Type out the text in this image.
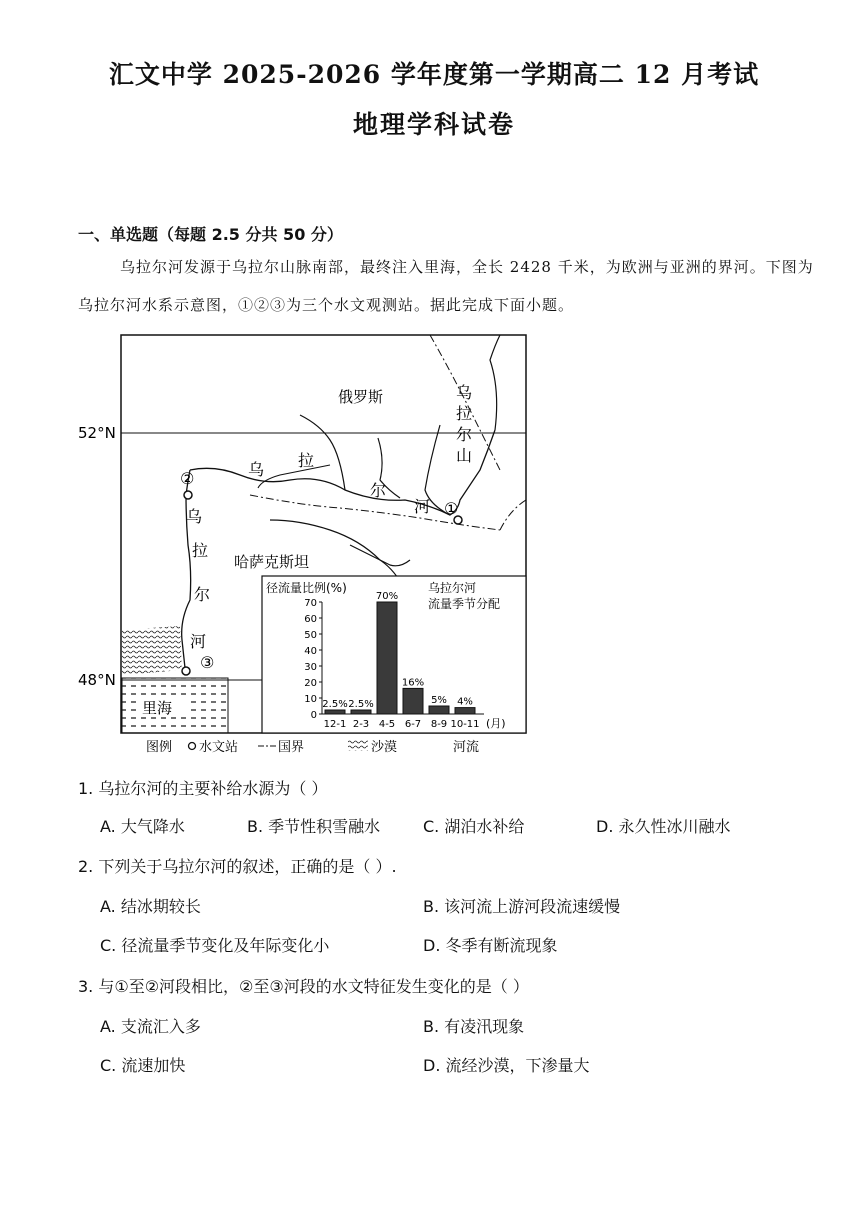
汇文中学 2025-2026 学年度第一学期高二 12 月考试
地理学科试卷
一、单选题（每题 2.5 分共 50 分）
乌拉尔河发源于乌拉尔山脉南部，最终注入里海，全长 2428 千米，为欧洲与亚洲的界河。下图为
乌拉尔河水系示意图，①②③为三个水文观测站。据此完成下面小题。
52°N
48°N
里海
②
①
③
俄罗斯
哈萨克斯坦
乌
拉
尔
山
乌 拉
尔
河
乌
拉
尔
河
径流量比例(%)	乌拉尔河
流量季节分配
(月)
0
10
20
30
40
50
60
70
2.5%
12-1
2.5%
2-3
70%
4-5
16%
6-7
5%
8-9
4%
10-11
图例 水文站	国界	沙漠	河流
1. 乌拉尔河的主要补给水源为（ ）
A. 大气降水	B. 季节性积雪融水	C. 湖泊水补给	D. 永久性冰川融水
2. 下列关于乌拉尔河的叙述，正确的是（ ）.
A. 结冰期较长	B. 该河流上游河段流速缓慢
C. 径流量季节变化及年际变化小	D. 冬季有断流现象
3. 与①至②河段相比，②至③河段的水文特征发生变化的是（ ）
A. 支流汇入多	B. 有凌汛现象
C. 流速加快	D. 流经沙漠，下渗量大
